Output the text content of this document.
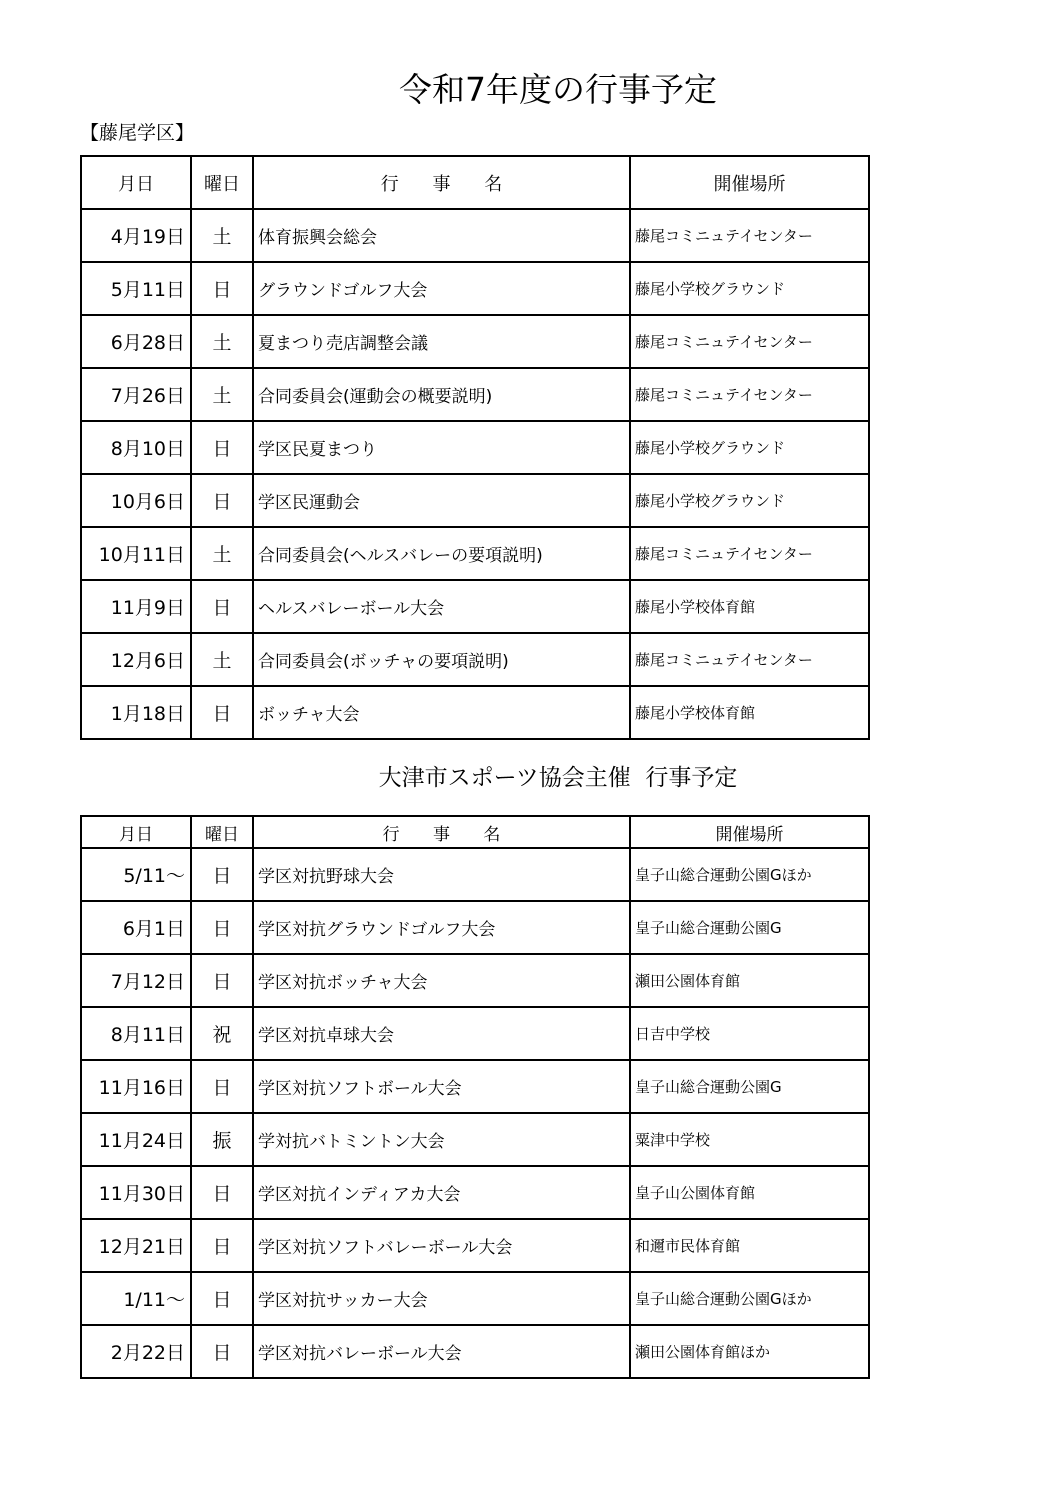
令和7年度の行事予定
【藤尾学区】
月日	曜日	行 事 名	開催場所
4月19日	土	体育振興会総会	藤尾コミニュテイセンター
5月11日	日	グラウンドゴルフ大会	藤尾小学校グラウンド
6月28日	土	夏まつり売店調整会議	藤尾コミニュテイセンター
7月26日	土	合同委員会(運動会の概要説明)	藤尾コミニュテイセンター
8月10日	日	学区民夏まつり	藤尾小学校グラウンド
10月6日	日	学区民運動会	藤尾小学校グラウンド
10月11日	土	合同委員会(ヘルスバレーの要項説明)	藤尾コミニュテイセンター
11月9日	日	ヘルスバレーボール大会	藤尾小学校体育館
12月6日	土	合同委員会(ボッチャの要項説明)	藤尾コミニュテイセンター
1月18日	日	ボッチャ大会	藤尾小学校体育館
大津市スポーツ協会主催  行事予定
月日	曜日	行 事 名	開催場所
5/11～	日	学区対抗野球大会	皇子山総合運動公園Gほか
6月1日	日	学区対抗グラウンドゴルフ大会	皇子山総合運動公園G
7月12日	日	学区対抗ボッチャ大会	瀬田公園体育館
8月11日	祝	学区対抗卓球大会	日吉中学校
11月16日	日	学区対抗ソフトボール大会	皇子山総合運動公園G
11月24日	振	学対抗バトミントン大会	粟津中学校
11月30日	日	学区対抗インディアカ大会	皇子山公園体育館
12月21日	日	学区対抗ソフトバレーボール大会	和邇市民体育館
1/11～	日	学区対抗サッカー大会	皇子山総合運動公園Gほか
2月22日	日	学区対抗バレーボール大会	瀬田公園体育館ほか
